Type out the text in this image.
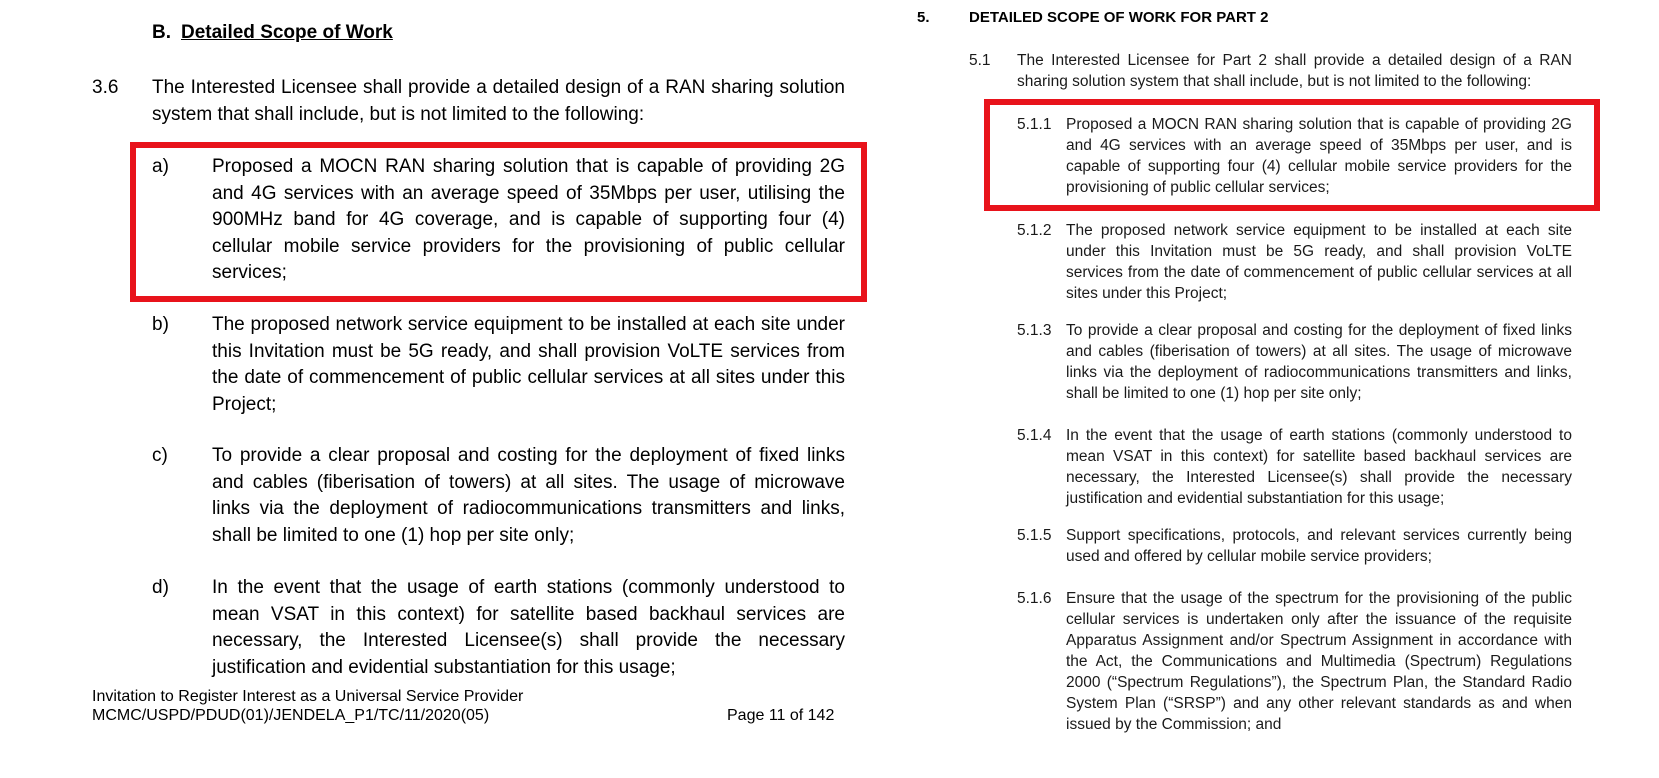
B. Detailed Scope of Work
3.6 The Interested Licensee shall provide a detailed design of a RAN sharing solution system that shall include, but is not limited to the following:
a) Proposed a MOCN RAN sharing solution that is capable of providing 2G and 4G services with an average speed of 35Mbps per user, utilising the 900MHz band for 4G coverage, and is capable of supporting four (4) cellular mobile service providers for the provisioning of public cellular services;
b) The proposed network service equipment to be installed at each site under this Invitation must be 5G ready, and shall provision VoLTE services from the date of commencement of public cellular services at all sites under this Project;
c) To provide a clear proposal and costing for the deployment of fixed links and cables (fiberisation of towers) at all sites. The usage of microwave links via the deployment of radiocommunications transmitters and links, shall be limited to one (1) hop per site only;
d) In the event that the usage of earth stations (commonly understood to mean VSAT in this context) for satellite based backhaul services are necessary, the Interested Licensee(s) shall provide the necessary justification and evidential substantiation for this usage;
Invitation to Register Interest as a Universal Service Provider
MCMC/USPD/PDUD(01)/JENDELA_P1/TC/11/2020(05)	Page 11 of 142
5.	DETAILED SCOPE OF WORK FOR PART 2
5.1 The Interested Licensee for Part 2 shall provide a detailed design of a RAN sharing solution system that shall include, but is not limited to the following:
5.1.1 Proposed a MOCN RAN sharing solution that is capable of providing 2G and 4G services with an average speed of 35Mbps per user, and is capable of supporting four (4) cellular mobile service providers for the provisioning of public cellular services;
5.1.2 The proposed network service equipment to be installed at each site under this Invitation must be 5G ready, and shall provision VoLTE services from the date of commencement of public cellular services at all sites under this Project;
5.1.3 To provide a clear proposal and costing for the deployment of fixed links and cables (fiberisation of towers) at all sites. The usage of microwave links via the deployment of radiocommunications transmitters and links, shall be limited to one (1) hop per site only;
5.1.4 In the event that the usage of earth stations (commonly understood to mean VSAT in this context) for satellite based backhaul services are necessary, the Interested Licensee(s) shall provide the necessary justification and evidential substantiation for this usage;
5.1.5 Support specifications, protocols, and relevant services currently being used and offered by cellular mobile service providers;
5.1.6 Ensure that the usage of the spectrum for the provisioning of the public cellular services is undertaken only after the issuance of the requisite Apparatus Assignment and/or Spectrum Assignment in accordance with the Act, the Communications and Multimedia (Spectrum) Regulations 2000 (“Spectrum Regulations”), the Spectrum Plan, the Standard Radio System Plan (“SRSP”) and any other relevant standards as and when issued by the Commission; and
